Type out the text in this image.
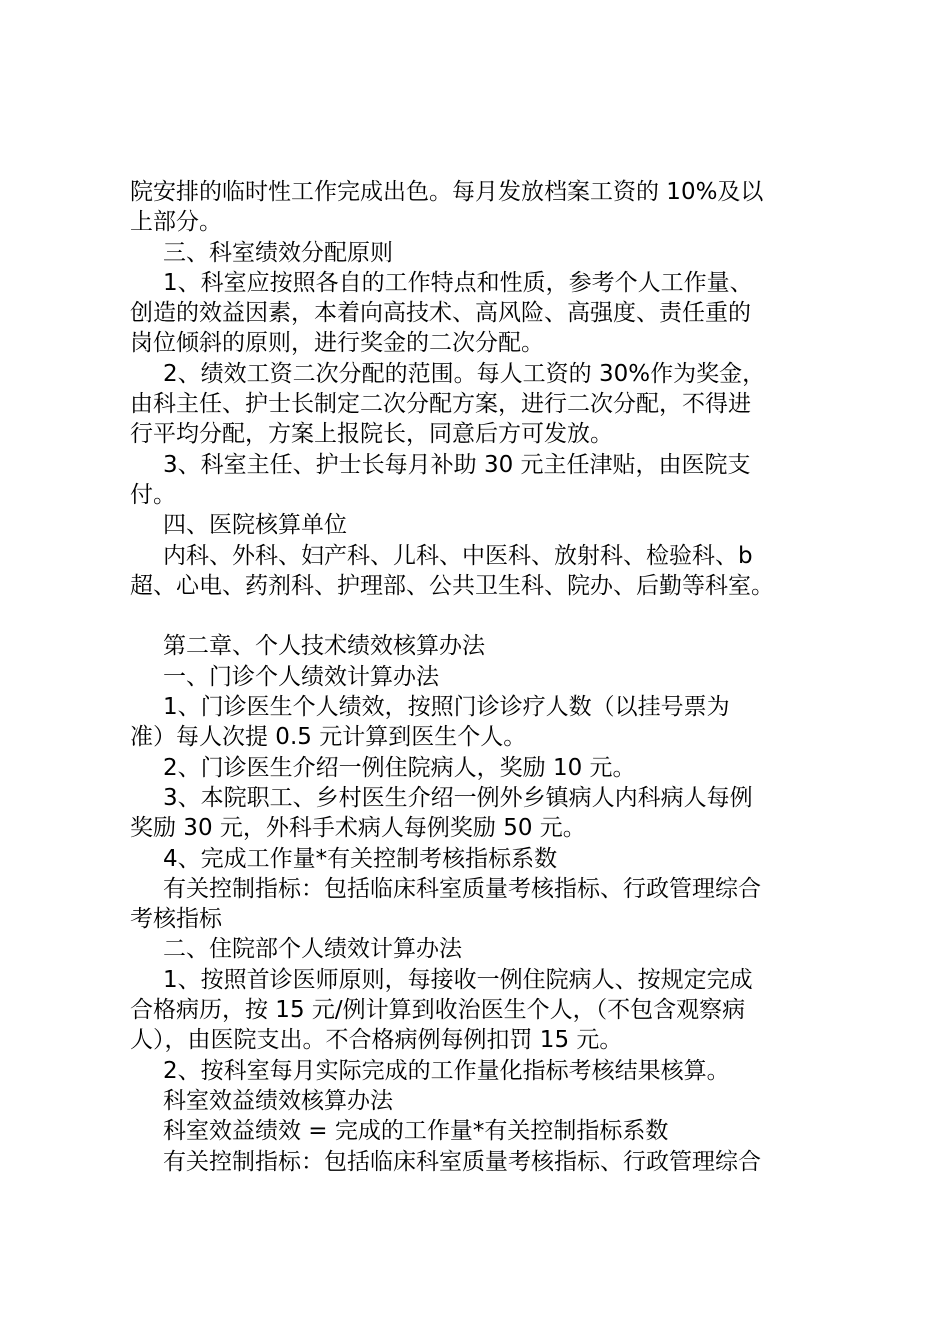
院安排的临时性工作完成出色。每月发放档案工资的 10%及以
上部分。
三、科室绩效分配原则
1、科室应按照各自的工作特点和性质，参考个人工作量、
创造的效益因素，本着向高技术、高风险、高强度、责任重的
岗位倾斜的原则，进行奖金的二次分配。
2、绩效工资二次分配的范围。每人工资的 30%作为奖金，
由科主任、护士长制定二次分配方案，进行二次分配，不得进
行平均分配，方案上报院长，同意后方可发放。
3、科室主任、护士长每月补助 30 元主任津贴，由医院支
付。
四、医院核算单位
内科、外科、妇产科、儿科、中医科、放射科、检验科、b
超、心电、药剂科、护理部、公共卫生科、院办、后勤等科室。
第二章、个人技术绩效核算办法
一、门诊个人绩效计算办法
1、门诊医生个人绩效，按照门诊诊疗人数（以挂号票为
准）每人次提 0.5 元计算到医生个人。
2、门诊医生介绍一例住院病人，奖励 10 元。
3、本院职工、乡村医生介绍一例外乡镇病人内科病人每例
奖励 30 元，外科手术病人每例奖励 50 元。
4、完成工作量*有关控制考核指标系数
有关控制指标：包括临床科室质量考核指标、行政管理综合
考核指标
二、住院部个人绩效计算办法
1、按照首诊医师原则，每接收一例住院病人、按规定完成
合格病历，按 15 元/例计算到收治医生个人，（不包含观察病
人），由医院支出。不合格病例每例扣罚 15 元。
2、按科室每月实际完成的工作量化指标考核结果核算。
科室效益绩效核算办法
科室效益绩效 = 完成的工作量*有关控制指标系数
有关控制指标：包括临床科室质量考核指标、行政管理综合
